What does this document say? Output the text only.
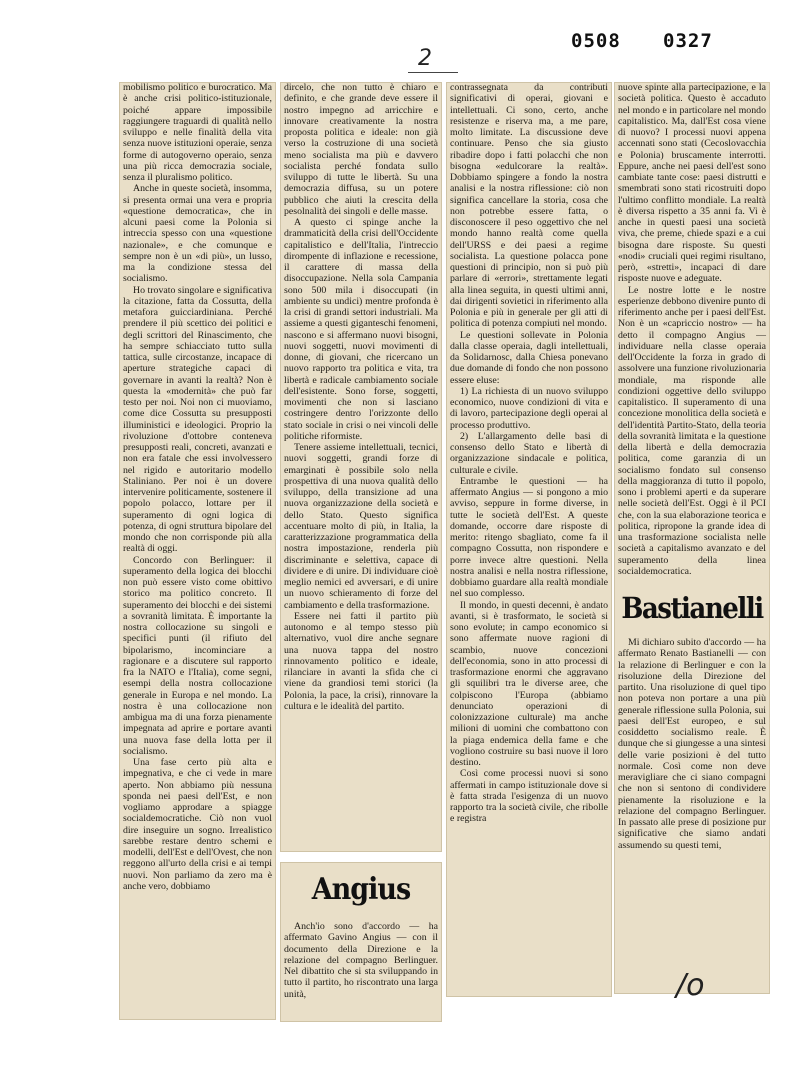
0508 0327
2

mobilismo politico e burocratico. Ma è anche crisi politico-istituzionale, poiché appare impossibile raggiungere traguardi di qualità nello sviluppo e nelle finalità della vita senza nuove istituzioni operaie, senza forme di autogoverno operaio, senza una più ricca democrazia sociale, senza il pluralismo politico.

Anche in queste società, insomma, si presenta ormai una vera e propria «questione democratica», che in alcuni paesi come la Polonia si intreccia spesso con una «questione nazionale», e che comunque e sempre non è un «di più», un lusso, ma la condizione stessa del socialismo.

Ho trovato singolare e significativa la citazione, fatta da Cossutta, della metafora guicciardiniana. Perché prendere il più scettico dei politici e degli scrittori del Rinascimento, che ha sempre schiacciato tutto sulla tattica, sulle circostanze, incapace di aperture strategiche capaci di governare in avanti la realtà? Non è questa la «modernità» che può far testo per noi. Noi non ci muoviamo, come dice Cossutta su presupposti illuministici e ideologici. Proprio la rivoluzione d'ottobre conteneva presupposti reali, concreti, avanzati e non era fatale che essi involvessero nel rigido e autoritario modello Staliniano. Per noi è un dovere intervenire politicamente, sostenere il popolo polacco, lottare per il superamento di ogni logica di potenza, di ogni struttura bipolare del mondo che non corrisponde più alla realtà di oggi.

Concordo con Berlinguer: il superamento della logica dei blocchi non può essere visto come obittivo storico ma politico concreto. Il superamento dei blocchi e dei sistemi a sovranità limitata. È importante la nostra collocazione su singoli e specifici punti (il rifiuto del bipolarismo, incominciare a ragionare e a discutere sul rapporto fra la NATO e l'Italia), come segni, esempi della nostra collocazione generale in Europa e nel mondo. La nostra è una collocazione non ambigua ma di una forza pienamente impegnata ad aprire e portare avanti una nuova fase della lotta per il socialismo.

Una fase certo più alta e impegnativa, e che ci vede in mare aperto. Non abbiamo più nessuna sponda nei paesi dell'Est, e non vogliamo approdare a spiagge socialdemocratiche. Ciò non vuol dire inseguire un sogno. Irrealistico sarebbe restare dentro schemi e modelli, dell'Est e dell'Ovest, che non reggono all'urto della crisi e ai tempi nuovi. Non parliamo da zero ma è anche vero, dobbiamo

dircelo, che non tutto è chiaro e definito, e che grande deve essere il nostro impegno ad arricchire e innovare creativamente la nostra proposta politica e ideale: non già verso la costruzione di una società meno socialista ma più e davvero socialista perché fondata sullo sviluppo di tutte le libertà. Su una democrazia diffusa, su un potere pubblico che aiuti la crescita della pesolnalità dei singoli e delle masse.

A questo ci spinge anche la drammaticità della crisi dell'Occidente capitalistico e dell'Italia, l'intreccio dirompente di inflazione e recessione, il carattere di massa della disoccupazione. Nella sola Campania sono 500 mila i disoccupati (in ambiente su undici) mentre profonda è la crisi di grandi settori industriali. Ma assieme a questi giganteschi fenomeni, nascono e si affermano nuovi bisogni, nuovi soggetti, nuovi movimenti di donne, di giovani, che ricercano un nuovo rapporto tra politica e vita, tra libertà e radicale cambiamento sociale dell'esistente. Sono forse, soggetti, movimenti che non si lasciano costringere dentro l'orizzonte dello stato sociale in crisi o nei vincoli delle politiche riformiste.

Tenere assieme intellettuali, tecnici, nuovi soggetti, grandi forze di emarginati è possibile solo nella prospettiva di una nuova qualità dello sviluppo, della transizione ad una nuova organizzazione della società e dello Stato. Questo significa accentuare molto di più, in Italia, la caratterizzazione programmatica della nostra impostazione, renderla più discriminante e selettiva, capace di dividere e di unire. Di individuare cioè meglio nemici ed avversari, e di unire un nuovo schieramento di forze del cambiamento e della trasformazione.

Essere nei fatti il partito più autonomo e al tempo stesso più alternativo, vuol dire anche segnare una nuova tappa del nostro rinnovamento politico e ideale, rilanciare in avanti la sfida che ci viene da grandiosi temi storici (la Polonia, la pace, la crisi), rinnovare la cultura e le idealità del partito.

Angius

Anch'io sono d'accordo — ha affermato Gavino Angius — con il documento della Direzione e la relazione del compagno Berlinguer. Nel dibattito che si sta sviluppando in tutto il partito, ho riscontrato una larga unità,

contrassegnata da contributi significativi di operai, giovani e intellettuali. Ci sono, certo, anche resistenze e riserva ma, a me pare, molto limitate. La discussione deve continuare. Penso che sia giusto ribadire dopo i fatti polacchi che non bisogna «edulcorare la realtà». Dobbiamo spingere a fondo la nostra analisi e la nostra riflessione: ciò non significa cancellare la storia, cosa che non potrebbe essere fatta, o disconoscere il peso oggettivo che nel mondo hanno realtà come quella dell'URSS e dei paesi a regime socialista. La questione polacca pone questioni di principio, non si può più parlare di «errori», strettamente legati alla linea seguita, in questi ultimi anni, dai dirigenti sovietici in riferimento alla Polonia e più in generale per gli atti di politica di potenza compiuti nel mondo.

Le questioni sollevate in Polonia dalla classe operaia, dagli intellettuali, da Solidarnosc, dalla Chiesa ponevano due domande di fondo che non possono essere eluse:

1) La richiesta di un nuovo sviluppo economico, nuove condizioni di vita e di lavoro, partecipazione degli operai al processo produttivo.

2) L'allargamento delle basi di consenso dello Stato e libertà di organizzazione sindacale e politica, culturale e civile.

Entrambe le questioni — ha affermato Angius — si pongono a mio avviso, seppure in forme diverse, in tutte le società dell'Est. A queste domande, occorre dare risposte di merito: ritengo sbagliato, come fa il compagno Cossutta, non rispondere e porre invece altre questioni. Nella nostra analisi e nella nostra riflessione, dobbiamo guardare alla realtà mondiale nel suo complesso.

Il mondo, in questi decenni, è andato avanti, si è trasformato, le società si sono evolute; in campo economico si sono affermate nuove ragioni di scambio, nuove concezioni dell'economia, sono in atto processi di trasformazione enormi che aggravano gli squilibri tra le diverse aree, che colpiscono l'Europa (abbiamo denunciato operazioni di colonizzazione culturale) ma anche milioni di uomini che combattono con la piaga endemica della fame e che vogliono costruire su basi nuove il loro destino.

Così come processi nuovi si sono affermati in campo istituzionale dove si è fatta strada l'esigenza di un nuovo rapporto tra la società civile, che ribolle e registra

nuove spinte alla partecipazione, e la società politica. Questo è accaduto nel mondo e in particolare nel mondo capitalistico. Ma, dall'Est cosa viene di nuovo? I processi nuovi appena accennati sono stati (Cecoslovacchia e Polonia) bruscamente interrotti. Eppure, anche nei paesi dell'est sono cambiate tante cose: paesi distrutti e smembrati sono stati ricostruiti dopo l'ultimo conflitto mondiale. La realtà è diversa rispetto a 35 anni fa. Vi è anche in questi paesi una società viva, che preme, chiede spazi e a cui bisogna dare risposte. Su questi «nodi» cruciali quei regimi risultano, però, «stretti», incapaci di dare risposte nuove e adeguate.

Le nostre lotte e le nostre esperienze debbono divenire punto di riferimento anche per i paesi dell'Est. Non è un «capriccio nostro» — ha detto il compagno Angius — individuare nella classe operaia dell'Occidente la forza in grado di assolvere una funzione rivoluzionaria mondiale, ma risponde alle condizioni oggettive dello sviluppo capitalistico. Il superamento di una concezione monolitica della società e dell'identità Partito-Stato, della teoria della sovranità limitata e la questione della libertà e della democrazia politica, come garanzia di un socialismo fondato sul consenso della maggioranza di tutto il popolo, sono i problemi aperti e da superare nelle società dell'Est. Oggi è il PCI che, con la sua elaborazione teorica e politica, ripropone la grande idea di una trasformazione socialista nelle società a capitalismo avanzato e del superamento della linea socialdemocratica.

Bastianelli

Mi dichiaro subito d'accordo — ha affermato Renato Bastianelli — con la relazione di Berlinguer e con la risoluzione della Direzione del partito. Una risoluzione di quel tipo non poteva non portare a una più generale riflessione sulla Polonia, sui paesi dell'Est europeo, e sul cosiddetto socialismo reale. È dunque che si giungesse a una sintesi delle varie posizioni è del tutto normale. Così come non deve meravigliare che ci siano compagni che non si sentono di condividere pienamente la risoluzione e la relazione del compagno Berlinguer. In passato alle prese di posizione pur significative che siamo andati assumendo su questi temi,

/o
